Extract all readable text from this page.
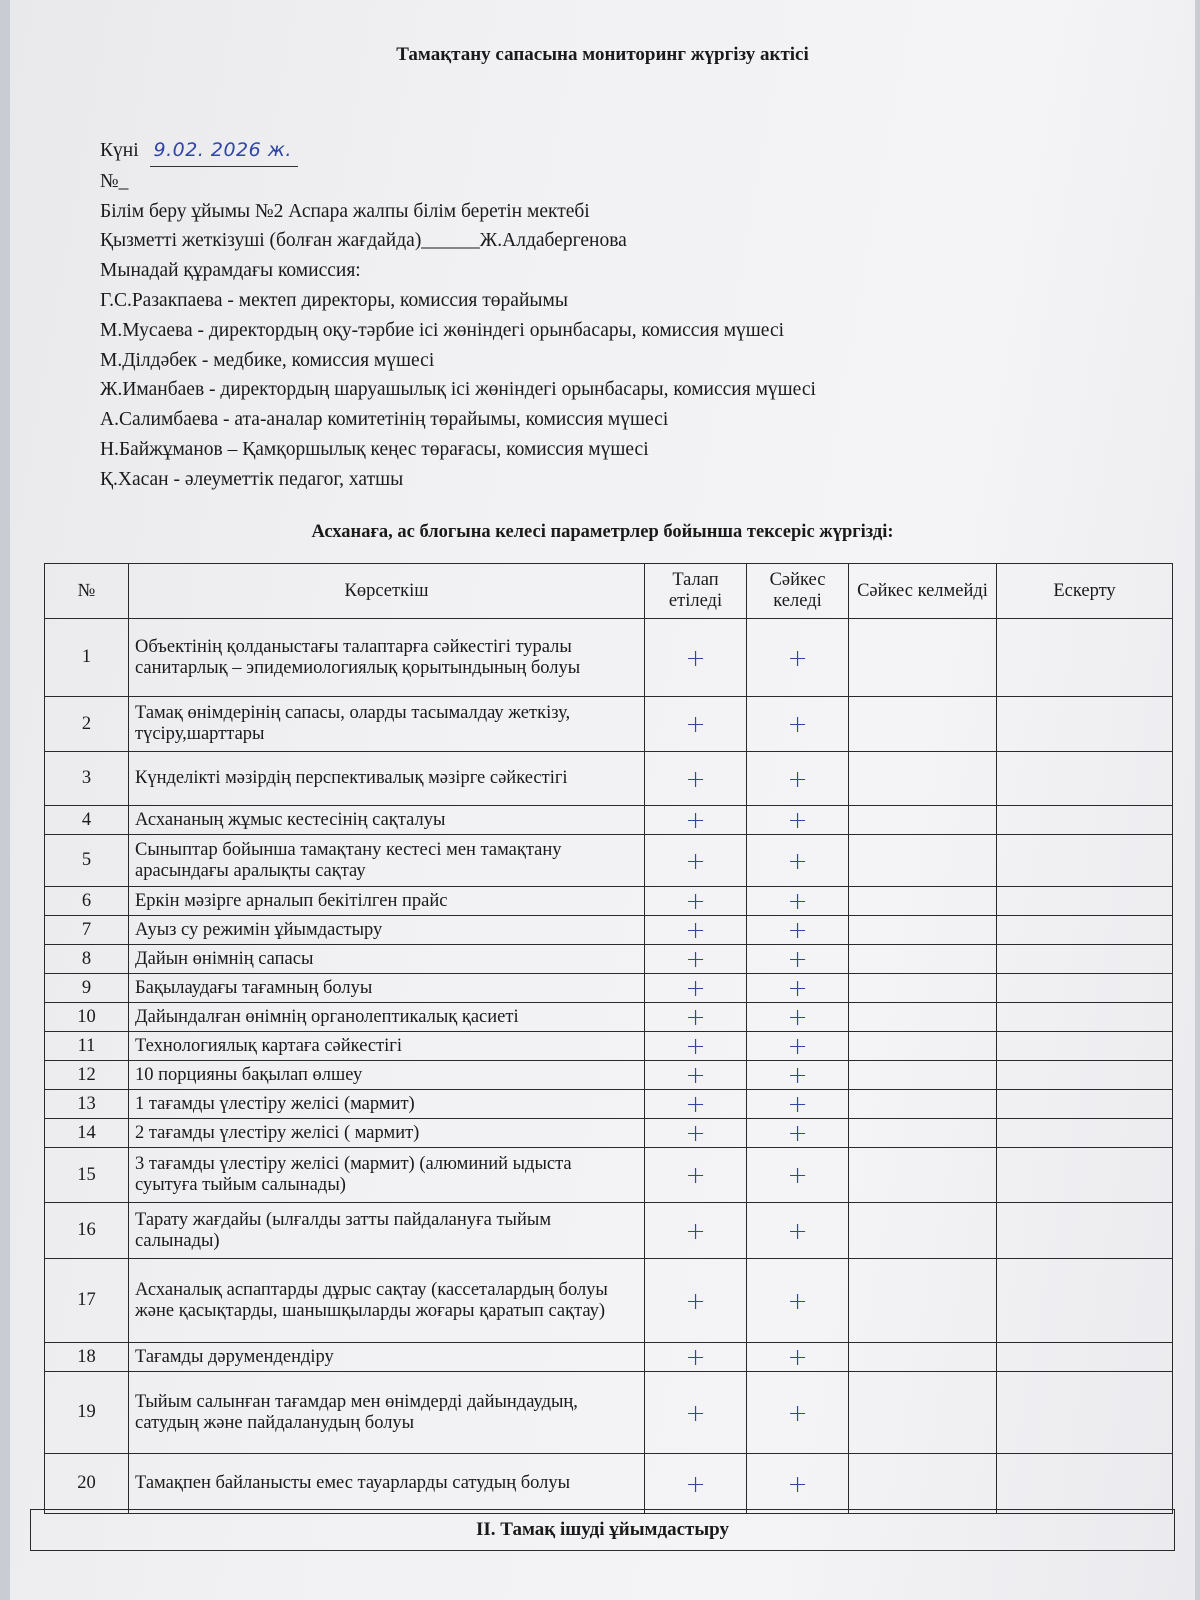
Тамақтану сапасына мониторинг жүргізу актісі
Күні 9.02. 2026 ж.
№_
Білім беру ұйымы №2 Аспара жалпы білім беретін мектебі
Қызметті жеткізуші (болған жағдайда)______Ж.Алдабергенова
Мынадай құрамдағы комиссия:
Г.С.Разакпаева - мектеп директоры, комиссия төрайымы
М.Мусаева - директордың оқу-тәрбие ісі жөніндегі орынбасары, комиссия мүшесі
М.Ділдәбек - медбике, комиссия мүшесі
Ж.Иманбаев - директордың шаруашылық ісі жөніндегі орынбасары, комиссия мүшесі
А.Салимбаева - ата-аналар комитетінің төрайымы, комиссия мүшесі
Н.Байжұманов – Қамқоршылық кеңес төрағасы, комиссия мүшесі
Қ.Хасан - әлеуметтік педагог, хатшы
Асханаға, ас блогына келесі параметрлер бойынша тексеріс жүргізді:
№	Көрсеткіш	Талап етіледі	Сәйкес келеді	Сәйкес келмейді	Ескерту
1	Объектінің қолданыстағы талаптарға сәйкестігі туралы санитарлық – эпидемиологиялық қорытындының болуы	+	+		
2	Тамақ өнімдерінің сапасы, оларды тасымалдау жеткізу, түсіру,шарттары	+	+		
3	Күнделікті мәзірдің перспективалық мәзірге сәйкестігі	+	+		
4	Асхананың жұмыс кестесінің сақталуы	+	+		
5	Сыныптар бойынша тамақтану кестесі мен тамақтану арасындағы аралықты сақтау	+	+		
6	Еркін мәзірге арналып бекітілген прайс	+	+		
7	Ауыз су режимін ұйымдастыру	+	+		
8	Дайын өнімнің сапасы	+	+		
9	Бақылаудағы тағамның болуы	+	+		
10	Дайындалған өнімнің органолептикалық қасиеті	+	+		
11	Технологиялық картаға сәйкестігі	+	+		
12	10 порцияны бақылап өлшеу	+	+		
13	1 тағамды үлестіру желісі (мармит)	+	+		
14	2 тағамды үлестіру желісі ( мармит)	+	+		
15	3 тағамды үлестіру желісі (мармит) (алюминий ыдыста суытуға тыйым салынады)	+	+		
16	Тарату жағдайы (ылғалды затты пайдалануға тыйым салынады)	+	+		
17	Асханалық аспаптарды дұрыс сақтау (кассеталардың болуы және қасықтарды, шанышқыларды жоғары қаратып сақтау)	+	+		
18	Тағамды дәрумендендіру	+	+		
19	Тыйым салынған тағамдар мен өнімдерді дайындаудың, сатудың және пайдаланудың болуы	+	+		
20	Тамақпен байланысты емес тауарларды сатудың болуы	+	+		
ІІ. Тамақ ішуді ұйымдастыру
